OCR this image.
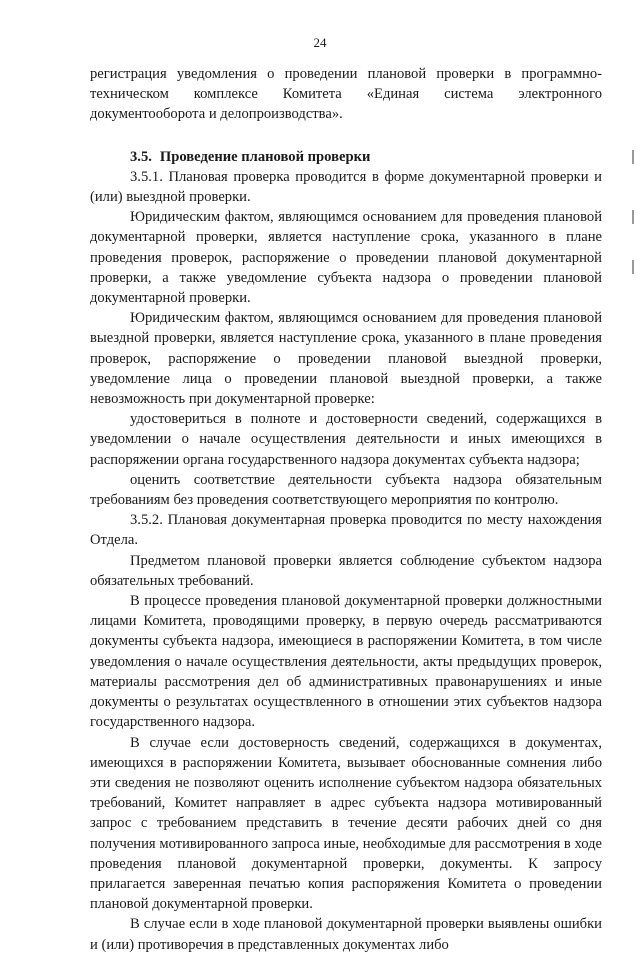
24

регистрация уведомления о проведении плановой проверки в программно-техническом комплексе Комитета «Единая система электронного документооборота и делопроизводства».

3.5. Проведение плановой проверки

3.5.1. Плановая проверка проводится в форме документарной проверки и (или) выездной проверки.

Юридическим фактом, являющимся основанием для проведения плановой документарной проверки, является наступление срока, указанного в плане проведения проверок, распоряжение о проведении плановой документарной проверки, а также уведомление субъекта надзора о проведении плановой документарной проверки.

Юридическим фактом, являющимся основанием для проведения плановой выездной проверки, является наступление срока, указанного в плане проведения проверок, распоряжение о проведении плановой выездной проверки, уведомление лица о проведении плановой выездной проверки, а также невозможность при документарной проверке:

удостовериться в полноте и достоверности сведений, содержащихся в уведомлении о начале осуществления деятельности и иных имеющихся в распоряжении органа государственного надзора документах субъекта надзора;

оценить соответствие деятельности субъекта надзора обязательным требованиям без проведения соответствующего мероприятия по контролю.

3.5.2. Плановая документарная проверка проводится по месту нахождения Отдела.

Предметом плановой проверки является соблюдение субъектом надзора обязательных требований.

В процессе проведения плановой документарной проверки должностными лицами Комитета, проводящими проверку, в первую очередь рассматриваются документы субъекта надзора, имеющиеся в распоряжении Комитета, в том числе уведомления о начале осуществления деятельности, акты предыдущих проверок, материалы рассмотрения дел об административных правонарушениях и иные документы о результатах осуществленного в отношении этих субъектов надзора государственного надзора.

В случае если достоверность сведений, содержащихся в документах, имеющихся в распоряжении Комитета, вызывает обоснованные сомнения либо эти сведения не позволяют оценить исполнение субъектом надзора обязательных требований, Комитет направляет в адрес субъекта надзора мотивированный запрос с требованием представить в течение десяти рабочих дней со дня получения мотивированного запроса иные, необходимые для рассмотрения в ходе проведения плановой документарной проверки, документы. К запросу прилагается заверенная печатью копия распоряжения Комитета о проведении плановой документарной проверки.

В случае если в ходе плановой документарной проверки выявлены ошибки и (или) противоречия в представленных документах либо
